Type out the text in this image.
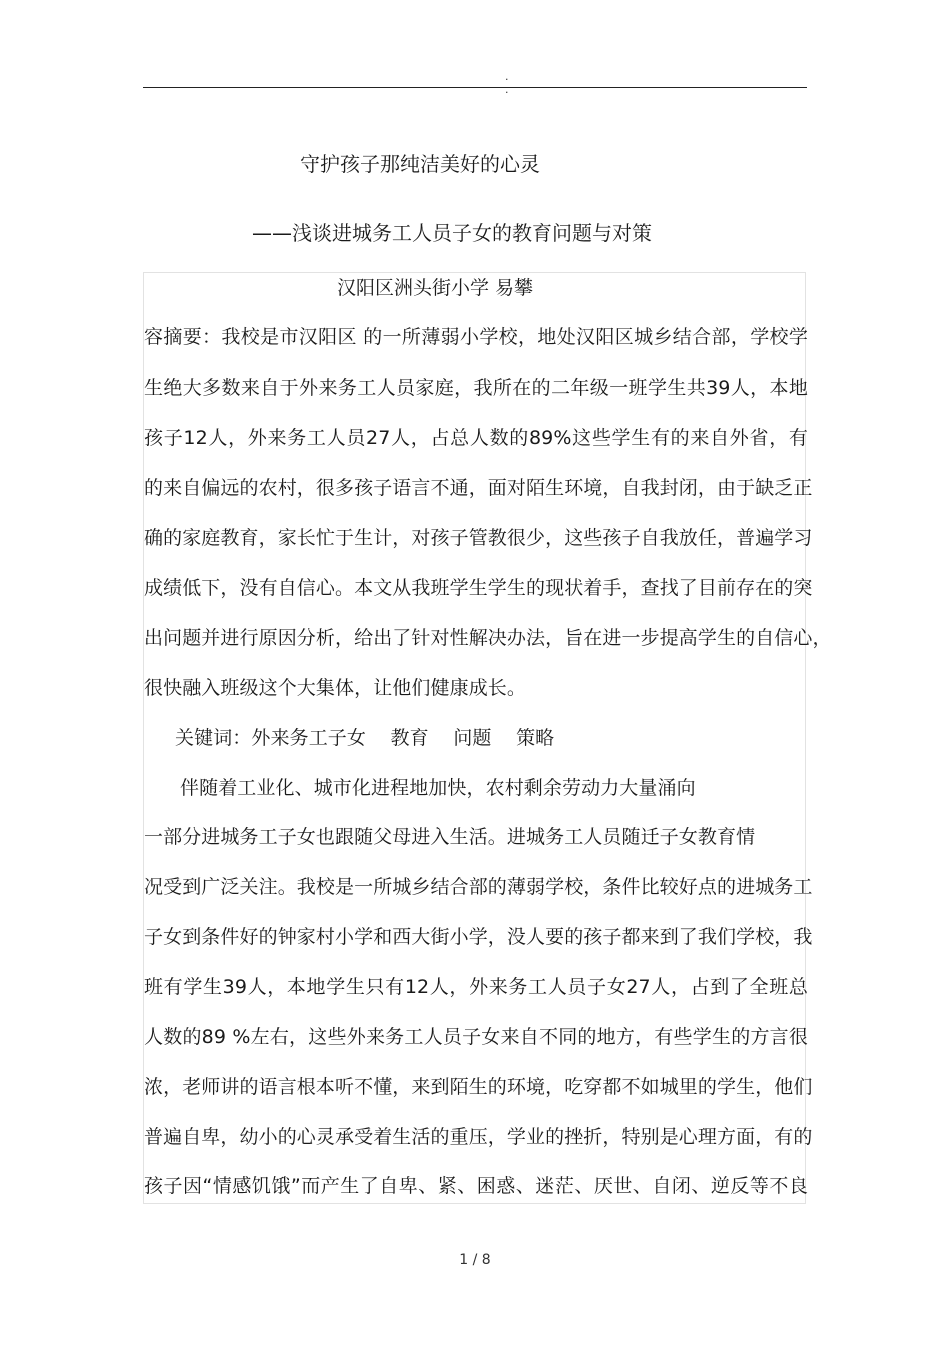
. .
守护孩子那纯洁美好的心灵
——浅谈进城务工人员子女的教育问题与对策
汉阳区洲头街小学 易攀
容摘要：我校是市汉阳区 的一所薄弱小学校，地处汉阳区城乡结合部，学校学
生绝大多数来自于外来务工人员家庭，我所在的二年级一班学生共39人，本地
孩子12人，外来务工人员27人，占总人数的89%这些学生有的来自外省，有
的来自偏远的农村，很多孩子语言不通，面对陌生环境，自我封闭，由于缺乏正
确的家庭教育，家长忙于生计，对孩子管教很少，这些孩子自我放任，普遍学习
成绩低下，没有自信心。本文从我班学生学生的现状着手，查找了目前存在的突
出问题并进行原因分析，给出了针对性解决办法，旨在进一步提高学生的自信心，
很快融入班级这个大集体，让他们健康成长。
关键词：外来务工子女    教育    问题    策略
伴随着工业化、城市化进程地加快，农村剩余劳动力大量涌向
一部分进城务工子女也跟随父母进入生活。进城务工人员随迁子女教育情
况受到广泛关注。我校是一所城乡结合部的薄弱学校，条件比较好点的进城务工
子女到条件好的钟家村小学和西大街小学，没人要的孩子都来到了我们学校，我
班有学生39人，本地学生只有12人，外来务工人员子女27人，占到了全班总
人数的89 %左右，这些外来务工人员子女来自不同的地方，有些学生的方言很
浓，老师讲的语言根本听不懂，来到陌生的环境，吃穿都不如城里的学生，他们
普遍自卑，幼小的心灵承受着生活的重压，学业的挫折，特别是心理方面，有的
孩子因“情感饥饿”而产生了自卑、紧、困惑、迷茫、厌世、自闭、逆反等不良
1 / 8
